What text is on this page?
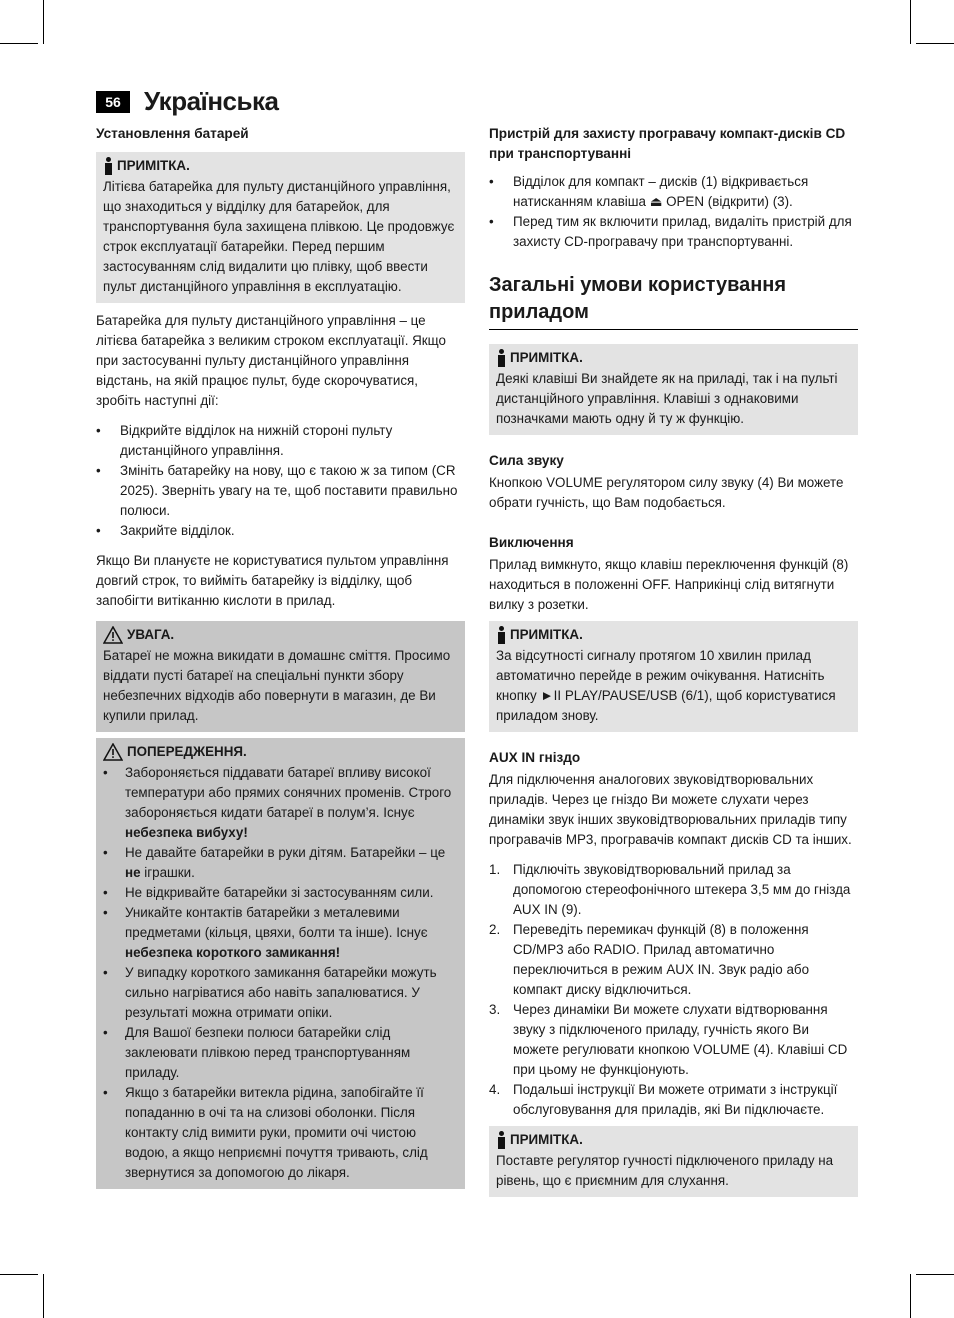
56 Українська
Установлення батарей
ПРИМІТКА.
Літієва батарейка для пульту дистанційного управління, що знаходиться у відділку для батарейок, для транспортування була захищена плівкою. Це продовжує строк експлуатації батарейки. Перед першим застосуванням слід видалити цю плівку, щоб ввести пульт дистанційного управління в експлуатацію.

Батарейка для пульту дистанційного управління – це літієва батарейка з великим строком експлуатації. Якщо при застосуванні пульту дистанційного управління відстань, на якій працює пульт, буде скорочуватися, зробіть наступні дії:

• Відкрийте відділок на нижній стороні пульту дистанційного управління.
• Змініть батарейку на нову, що є такою ж за типом (CR 2025). Зверніть увагу на те, щоб поставити правильно полюси.
• Закрийте відділок.

Якщо Ви плануєте не користуватися пультом управління довгий строк, то вийміть батарейку із відділку, щоб запобігти витіканню кислоти в прилад.

УВАГА.
Батареї не можна викидати в домашнє сміття. Просимо віддати пусті батареї на спеціальні пункти збору небезпечних відходів або повернути в магазин, де Ви купили прилад.
ПОПЕРЕДЖЕННЯ.
• Забороняється піддавати батареї впливу високої температури або прямих сонячних променів. Строго забороняється кидати батареї в полум’я. Існує небезпека вибуху!
• Не давайте батарейки в руки дітям. Батарейки – це не іграшки.
• Не відкривайте батарейки зі застосуванням сили.
• Уникайте контактів батарейки з металевими предметами (кільця, цвяхи, болти та інше). Існує небезпека короткого замикання!
• У випадку короткого замикання батарейки можуть сильно нагріватися або навіть запалюватися. У результаті можна отримати опіки.
• Для Вашої безпеки полюси батарейки слід заклеювати плівкою перед транспортуванням приладу.
• Якщо з батарейки витекла рідина, запобігайте її попаданню в очі та на слизові оболонки. Після контакту слід вимити руки, промити очі чистою водою, а якщо неприємні почуття тривають, слід звернутися за допомогою до лікаря.
Пристрій для захисту програвачу компакт-дисків CD при транспортуванні
• Відділок для компакт – дисків (1) відкривається натисканням клавіша ⏏ OPEN (відкрити) (3).
• Перед тим як включити прилад, видаліть пристрій для захисту CD-програвачу при транспортуванні.
Загальні умови користування приладом
ПРИМІТКА.
Деякі клавіші Ви знайдете як на приладі, так і на пульті дистанційного управління. Клавіші з однаковими позначками мають одну й ту ж функцію.
Сила звуку

Кнопкою VOLUME регулятором силу звуку (4) Ви можете обрати гучність, що Вам подобається.

Виключення

Прилад вимкнуто, якщо клавіш переключення функцій (8) находиться в положенні OFF. Наприкінці слід витягнути вилку з розетки.

ПРИМІТКА.
За відсутності сигналу протягом 10 хвилин прилад автоматично перейде в режим очікування. Натисніть кнопку ►II PLAY/PAUSE/USB (6/1), щоб користуватися приладом знову.
AUX IN гніздо

Для підключення аналогових звуковідтворювальних приладів. Через це гніздо Ви можете слухати через динаміки звук інших звуковідтворювальних приладів типу програвачів MP3, програвачів компакт дисків CD та інших.

1. Підключіть звуковідтворювальний прилад за допомогою стереофонічного штекера 3,5 мм до гнізда AUX IN (9).
2. Переведіть перемикач функцій (8) в положення CD/MP3 або RADIO. Прилад автоматично переключиться в режим AUX IN. Звук радіо або компакт диску відключиться.
3. Через динаміки Ви можете слухати відтворювання звуку з підключеного приладу, гучність якого Ви можете регулювати кнопкою VOLUME (4). Клавіші CD при цьому не функціонують.
4. Подальші інструкції Ви можете отримати з інструкції обслуговування для приладів, які Ви підключаєте.
ПРИМІТКА.
Поставте регулятор гучності підключеного приладу на рівень, що є приємним для слухання.
